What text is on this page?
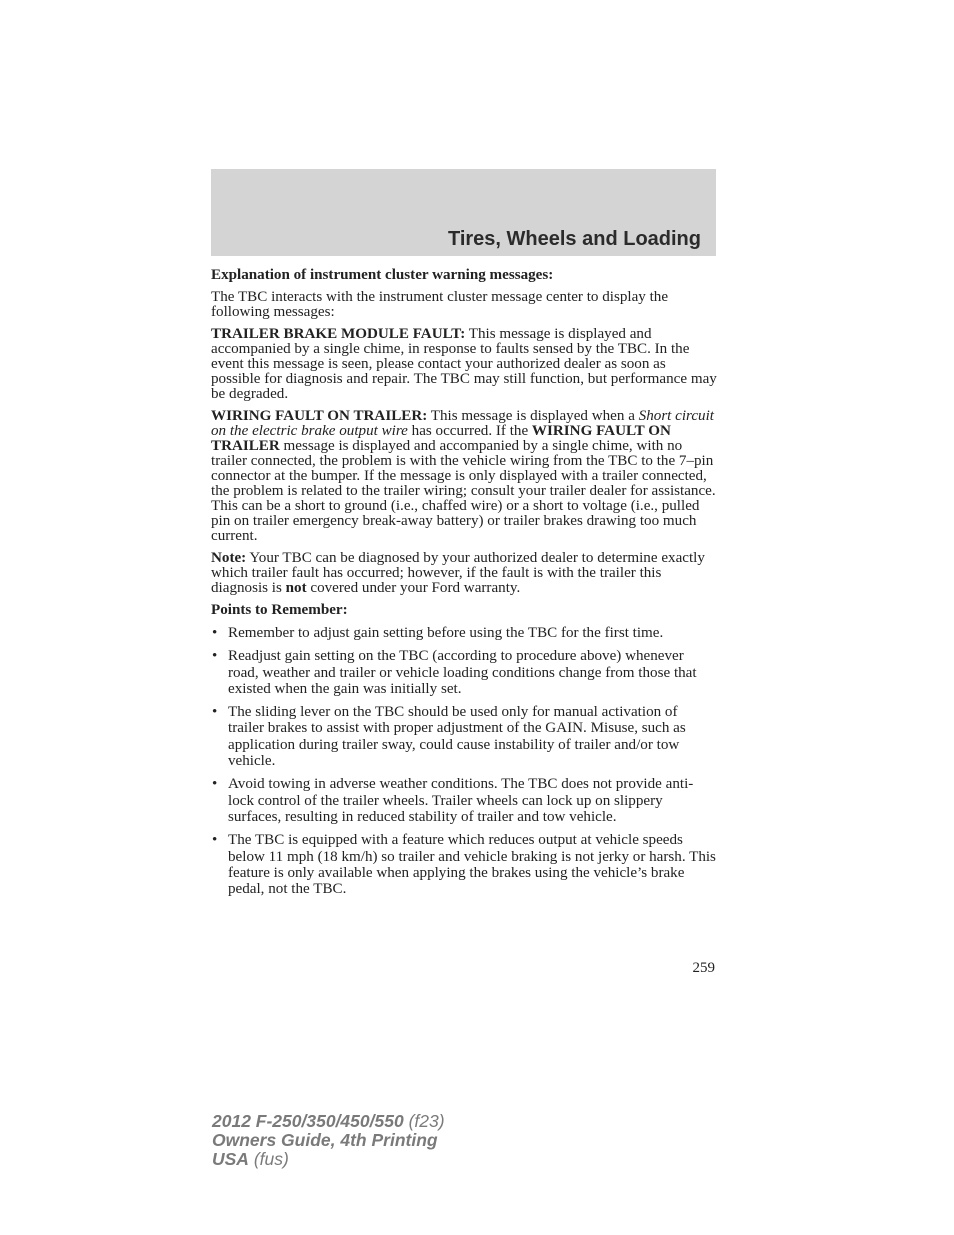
Tires, Wheels and Loading

Explanation of instrument cluster warning messages:

The TBC interacts with the instrument cluster message center to display the following messages:

TRAILER BRAKE MODULE FAULT: This message is displayed and accompanied by a single chime, in response to faults sensed by the TBC. In the event this message is seen, please contact your authorized dealer as soon as possible for diagnosis and repair. The TBC may still function, but performance may be degraded.

WIRING FAULT ON TRAILER: This message is displayed when a Short circuit on the electric brake output wire has occurred. If the WIRING FAULT ON TRAILER message is displayed and accompanied by a single chime, with no trailer connected, the problem is with the vehicle wiring from the TBC to the 7–pin connector at the bumper. If the message is only displayed with a trailer connected, the problem is related to the trailer wiring; consult your trailer dealer for assistance. This can be a short to ground (i.e., chaffed wire) or a short to voltage (i.e., pulled pin on trailer emergency break-away battery) or trailer brakes drawing too much current.

Note: Your TBC can be diagnosed by your authorized dealer to determine exactly which trailer fault has occurred; however, if the fault is with the trailer this diagnosis is not covered under your Ford warranty.

Points to Remember:

• Remember to adjust gain setting before using the TBC for the first time.
• Readjust gain setting on the TBC (according to procedure above) whenever road, weather and trailer or vehicle loading conditions change from those that existed when the gain was initially set.
• The sliding lever on the TBC should be used only for manual activation of trailer brakes to assist with proper adjustment of the GAIN. Misuse, such as application during trailer sway, could cause instability of trailer and/or tow vehicle.
• Avoid towing in adverse weather conditions. The TBC does not provide anti-lock control of the trailer wheels. Trailer wheels can lock up on slippery surfaces, resulting in reduced stability of trailer and tow vehicle.
• The TBC is equipped with a feature which reduces output at vehicle speeds below 11 mph (18 km/h) so trailer and vehicle braking is not jerky or harsh. This feature is only available when applying the brakes using the vehicle’s brake pedal, not the TBC.
259
2012 F-250/350/450/550 (f23)
Owners Guide, 4th Printing
USA (fus)
